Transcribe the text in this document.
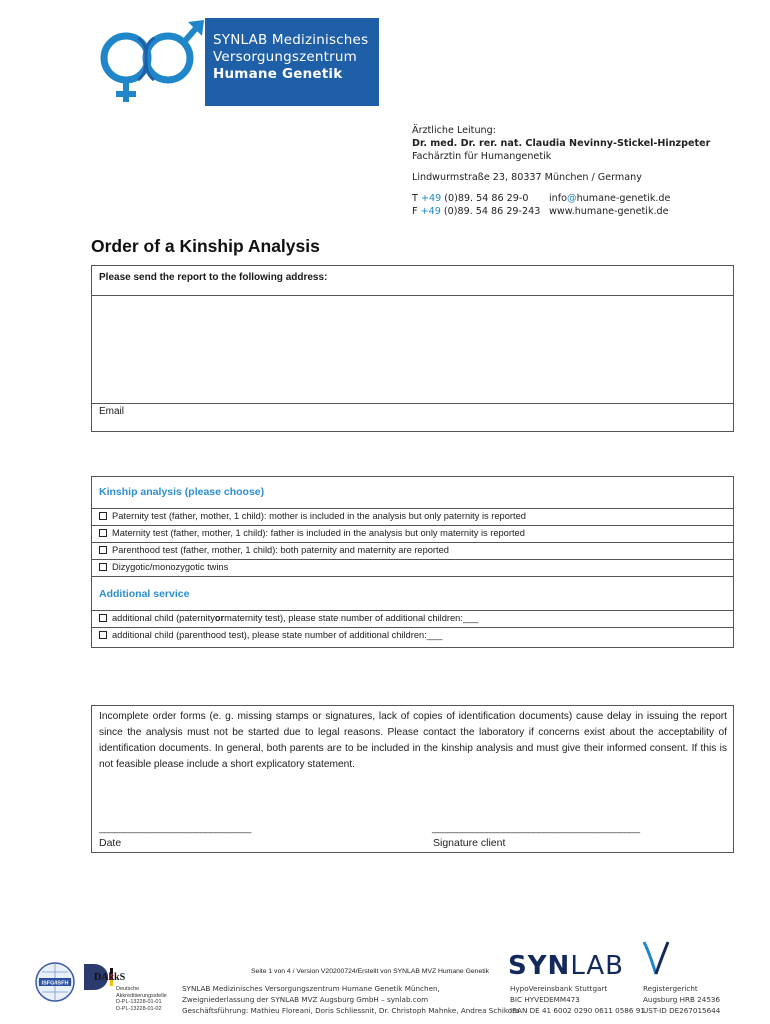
SYNLAB Medizinisches
Versorgungszentrum
Humane Genetik
Ärztliche Leitung:
Dr. med. Dr. rer. nat. Claudia Nevinny-Stickel-Hinzpeter
Fachärztin für Humangenetik
Lindwurmstraße 23, 80337 München / Germany
T +49 (0)89. 54 86 29-0	info@humane-genetik.de
F +49 (0)89. 54 86 29-243 www.humane-genetik.de
Order of a Kinship Analysis
Please send the report to the following address:
Email
Kinship analysis (please choose)
Paternity test (father, mother, 1 child): mother is included in the analysis but only paternity is reported
Maternity test (father, mother, 1 child): father is included in the analysis but only maternity is reported
Parenthood test (father, mother, 1 child): both paternity and maternity are reported
Dizygotic/monozygotic twins
Additional service
additional child (paternity or maternity test), please state number of additional children:___
additional child (parenthood test), please state number of additional children:___
Incomplete order forms (e. g. missing stamps or signatures, lack of copies of identification documents) cause delay in issuing the report since the analysis must not be started due to legal reasons. Please contact the laboratory if concerns exist about the acceptability of identification documents. In general, both parents are to be included in the kinship analysis and must give their informed consent. If this is not feasible please include a short explicatory statement.
______________________________	_________________________________________
Date	Signature client
ISFG/ISFH
DAkkS
Deutsche
Akkreditierungsstelle
D-PL-13228-01-01
D-PL-13228-01-02
Seite 1 von 4 / Version V20200724/Erstellt von SYNLAB MVZ Humane Genetik
SYNLAB Medizinisches Versorgungszentrum Humane Genetik München,
Zweigniederlassung der SYNLAB MVZ Augsburg GmbH – synlab.com
Geschäftsführung: Mathieu Floreani, Doris Schliessnit, Dr. Christoph Mahnke, Andrea Schikora
SYNLAB
HypoVereinsbank Stuttgart
BIC HYVEDEMM473
IBAN DE 41 6002 0290 0611 0586 91
Registergericht
Augsburg HRB 24536
UST-ID DE267015644
